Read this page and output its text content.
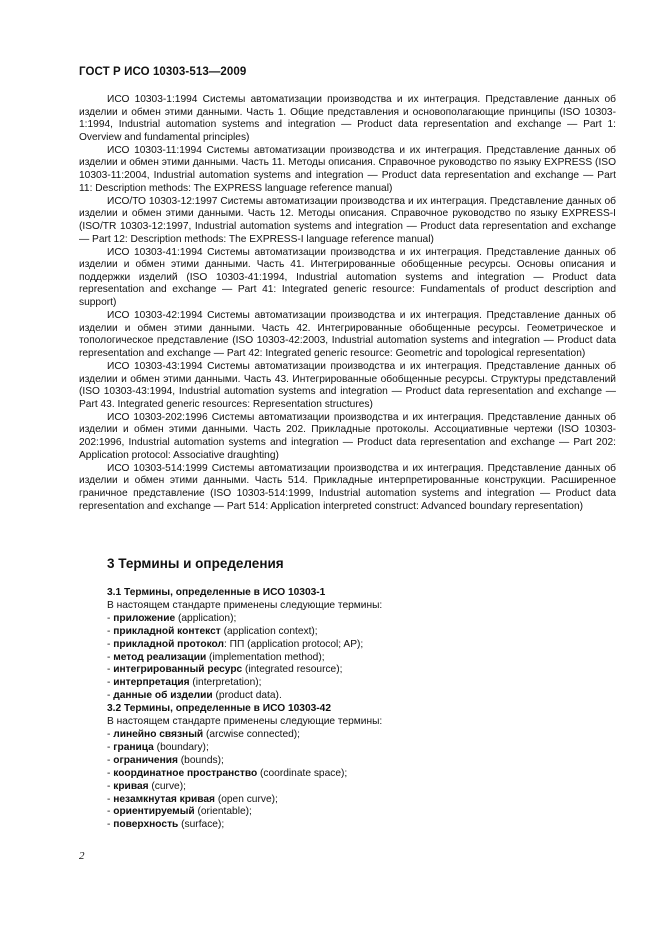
ГОСТ Р ИСО 10303-513—2009

ИСО 10303-1:1994 Системы автоматизации производства и их интеграция. Представление данных об изделии и обмен этими данными. Часть 1. Общие представления и основополагающие принципы (ISO 10303-1:1994, Industrial automation systems and integration — Product data representation and exchange — Part 1: Overview and fundamental principles)

ИСО 10303-11:1994 Системы автоматизации производства и их интеграция. Представление данных об изделии и обмен этими данными. Часть 11. Методы описания. Справочное руководство по языку EXPRESS (ISO 10303-11:2004, Industrial automation systems and integration — Product data representation and exchange — Part 11: Description methods: The EXPRESS language reference manual)

ИСО/ТО 10303-12:1997 Системы автоматизации производства и их интеграция. Представление данных об изделии и обмен этими данными. Часть 12. Методы описания. Справочное руководство по языку EXPRESS-I (ISO/TR 10303-12:1997, Industrial automation systems and integration — Product data representation and exchange — Part 12: Description methods: The EXPRESS-I language reference manual)

ИСО 10303-41:1994 Системы автоматизации производства и их интеграция. Представление данных об изделии и обмен этими данными. Часть 41. Интегрированные обобщенные ресурсы. Основы описания и поддержки изделий (ISO 10303-41:1994, Industrial automation systems and integration — Product data representation and exchange — Part 41: Integrated generic resource: Fundamentals of product description and support)

ИСО 10303-42:1994 Системы автоматизации производства и их интеграция. Представление данных об изделии и обмен этими данными. Часть 42. Интегрированные обобщенные ресурсы. Геометрическое и топологическое представление (ISO 10303-42:2003, Industrial automation systems and integration — Product data representation and exchange — Part 42: Integrated generic resource: Geometric and topological representation)

ИСО 10303-43:1994 Системы автоматизации производства и их интеграция. Представление данных об изделии и обмен этими данными. Часть 43. Интегрированные обобщенные ресурсы. Структуры представлений (ISO 10303-43:1994, Industrial automation systems and integration — Product data representation and exchange — Part 43. Integrated generic resources: Representation structures)

ИСО 10303-202:1996 Системы автоматизации производства и их интеграция. Представление данных об изделии и обмен этими данными. Часть 202. Прикладные протоколы. Ассоциативные чертежи (ISO 10303-202:1996, Industrial automation systems and integration — Product data representation and exchange — Part 202: Application protocol: Associative draughting)

ИСО 10303-514:1999 Системы автоматизации производства и их интеграция. Представление данных об изделии и обмен этими данными. Часть 514. Прикладные интерпретированные конструкции. Расширенное граничное представление (ISO 10303-514:1999, Industrial automation systems and integration — Product data representation and exchange — Part 514: Application interpreted construct: Advanced boundary representation)

3 Термины и определения
3.1 Термины, определенные в ИСО 10303-1
В настоящем стандарте применены следующие термины:
- приложение (application);
- прикладной контекст (application context);
- прикладной протокол: ПП (application protocol; AP);
- метод реализации (implementation method);
- интегрированный ресурс (integrated resource);
- интерпретация (interpretation);
- данные об изделии (product data).
3.2 Термины, определенные в ИСО 10303-42
В настоящем стандарте применены следующие термины:
- линейно связный (arcwise connected);
- граница (boundary);
- ограничения (bounds);
- координатное пространство (coordinate space);
- кривая (curve);
- незамкнутая кривая (open curve);
- ориентируемый (orientable);
- поверхность (surface);
2
